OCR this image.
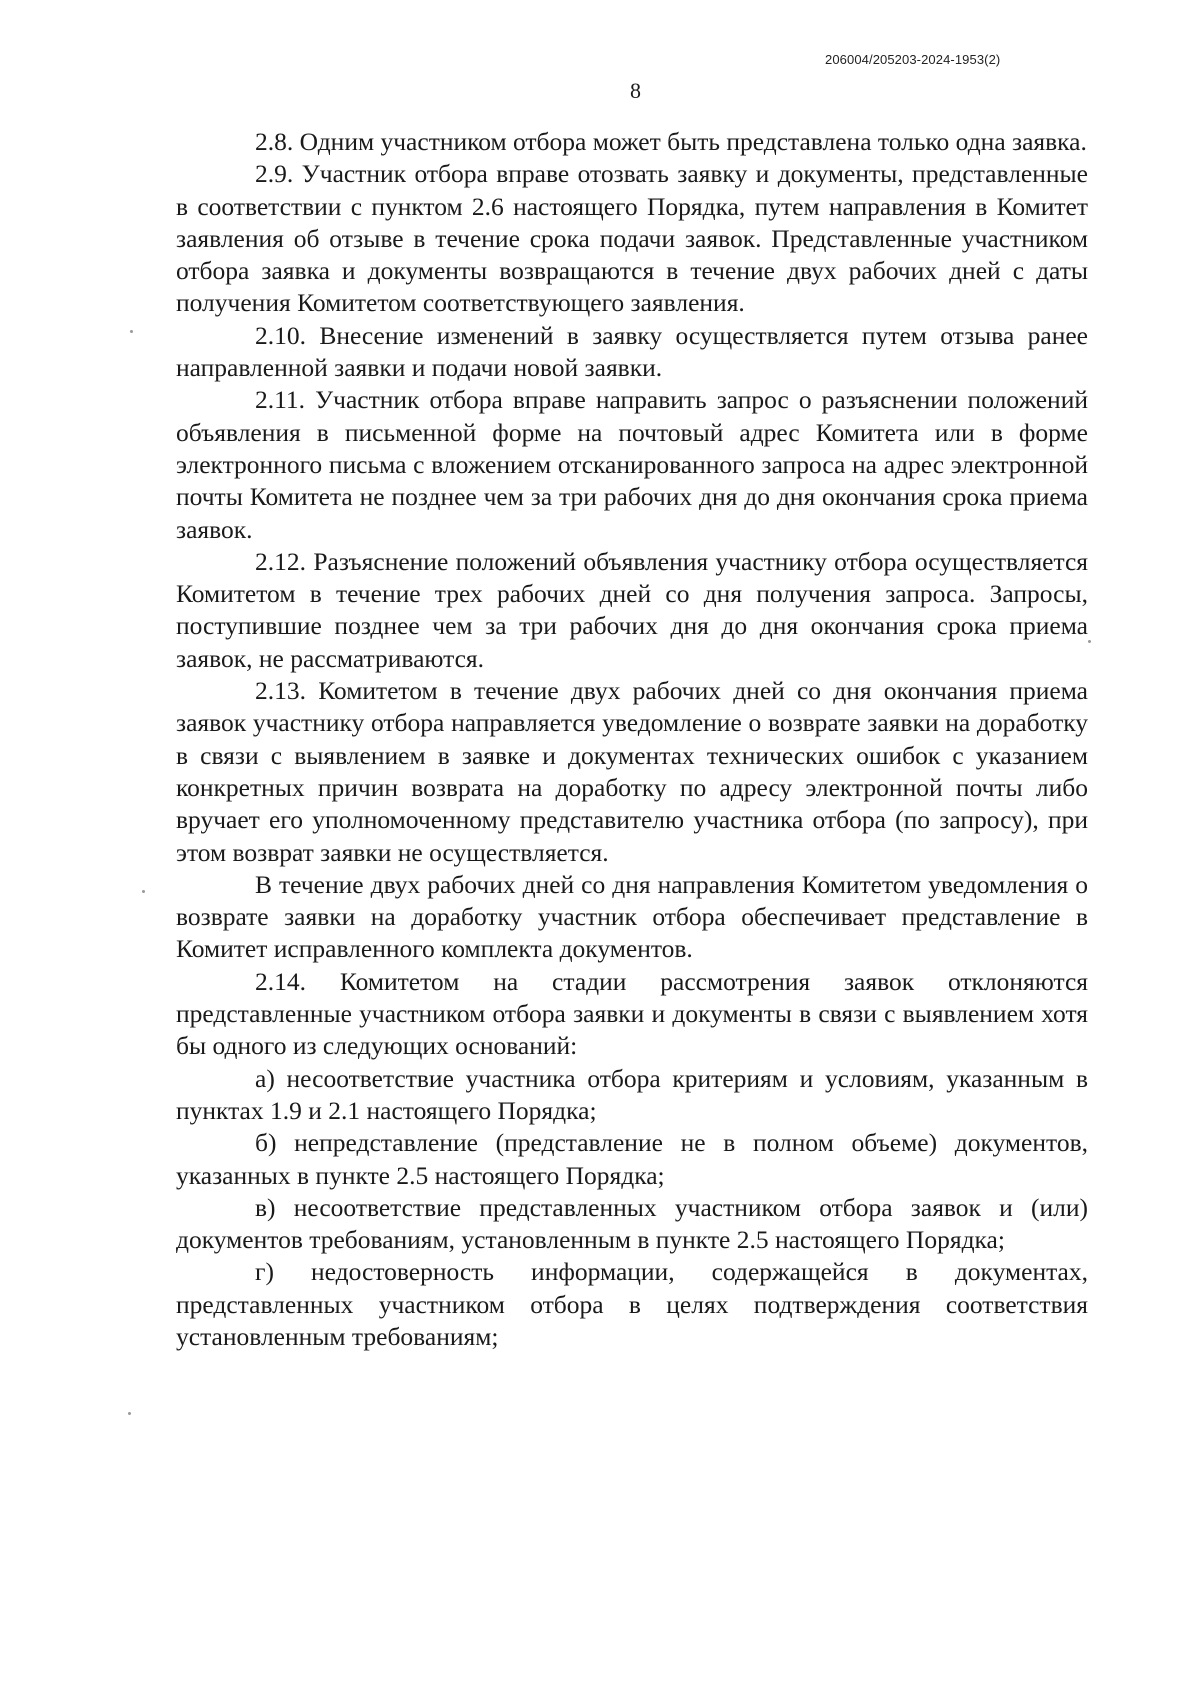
206004/205203-2024-1953(2)
8

2.8. Одним участником отбора может быть представлена только одна заявка.

2.9. Участник отбора вправе отозвать заявку и документы, представленные в соответствии с пунктом 2.6 настоящего Порядка, путем направления в Комитет заявления об отзыве в течение срока подачи заявок. Представленные участником отбора заявка и документы возвращаются в течение двух рабочих дней с даты получения Комитетом соответствующего заявления.

2.10. Внесение изменений в заявку осуществляется путем отзыва ранее направленной заявки и подачи новой заявки.

2.11. Участник отбора вправе направить запрос о разъяснении положений объявления в письменной форме на почтовый адрес Комитета или в форме электронного письма с вложением отсканированного запроса на адрес электронной почты Комитета не позднее чем за три рабочих дня до дня окончания срока приема заявок.

2.12. Разъяснение положений объявления участнику отбора осуществляется Комитетом в течение трех рабочих дней со дня получения запроса. Запросы, поступившие позднее чем за три рабочих дня до дня окончания срока приема заявок, не рассматриваются.

2.13. Комитетом в течение двух рабочих дней со дня окончания приема заявок участнику отбора направляется уведомление о возврате заявки на доработку в связи с выявлением в заявке и документах технических ошибок с указанием конкретных причин возврата на доработку по адресу электронной почты либо вручает его уполномоченному представителю участника отбора (по запросу), при этом возврат заявки не осуществляется.

В течение двух рабочих дней со дня направления Комитетом уведомления о возврате заявки на доработку участник отбора обеспечивает представление в Комитет исправленного комплекта документов.

2.14. Комитетом на стадии рассмотрения заявок отклоняются представленные участником отбора заявки и документы в связи с выявлением хотя бы одного из следующих оснований:

а) несоответствие участника отбора критериям и условиям, указанным в пунктах 1.9 и 2.1 настоящего Порядка;

б) непредставление (представление не в полном объеме) документов, указанных в пункте 2.5 настоящего Порядка;

в) несоответствие представленных участником отбора заявок и (или) документов требованиям, установленным в пункте 2.5 настоящего Порядка;

г) недостоверность информации, содержащейся в документах, представленных участником отбора в целях подтверждения соответствия установленным требованиям;
